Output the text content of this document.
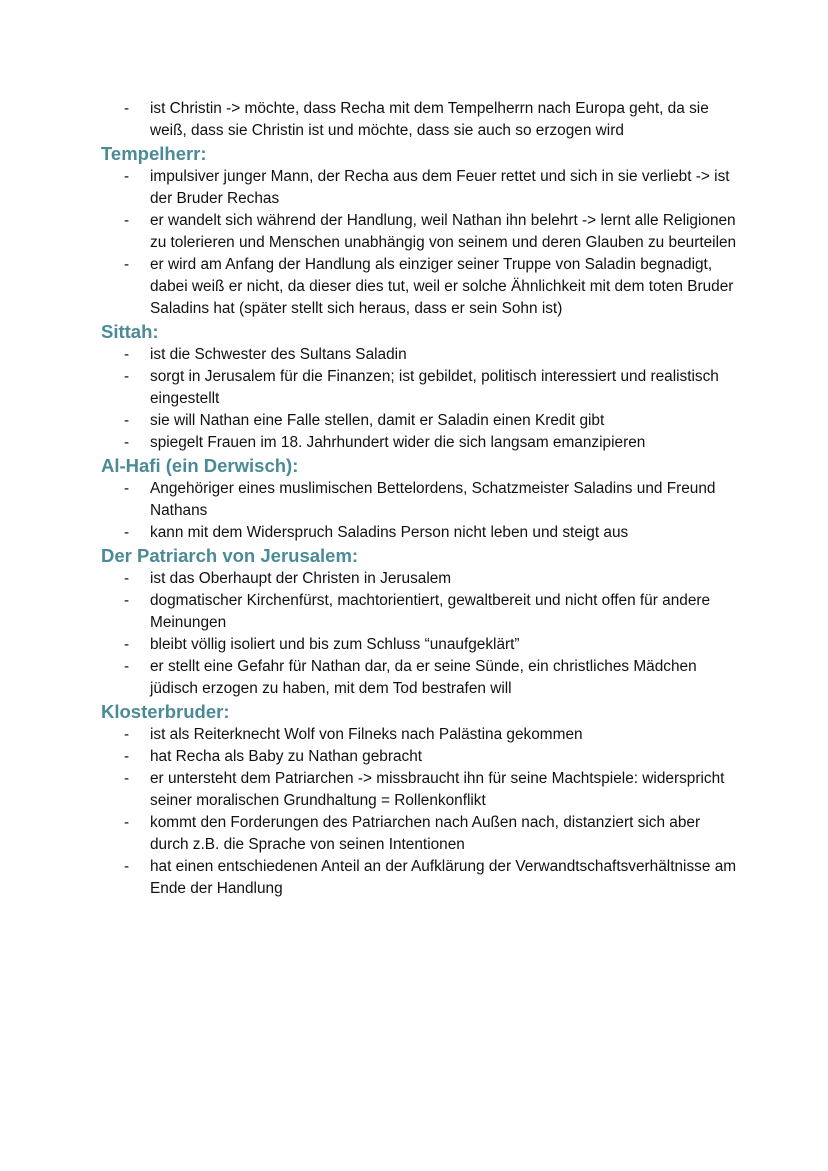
- ist Christin -> möchte, dass Recha mit dem Tempelherrn nach Europa geht, da sie weiß, dass sie Christin ist und möchte, dass sie auch so erzogen wird
Tempelherr:
- impulsiver junger Mann, der Recha aus dem Feuer rettet und sich in sie verliebt -> ist der Bruder Rechas
- er wandelt sich während der Handlung, weil Nathan ihn belehrt -> lernt alle Religionen zu tolerieren und Menschen unabhängig von seinem und deren Glauben zu beurteilen
- er wird am Anfang der Handlung als einziger seiner Truppe von Saladin begnadigt, dabei weiß er nicht, da dieser dies tut, weil er solche Ähnlichkeit mit dem toten Bruder Saladins hat (später stellt sich heraus, dass er sein Sohn ist)
Sittah:
- ist die Schwester des Sultans Saladin
- sorgt in Jerusalem für die Finanzen; ist gebildet, politisch interessiert und realistisch eingestellt
- sie will Nathan eine Falle stellen, damit er Saladin einen Kredit gibt
- spiegelt Frauen im 18. Jahrhundert wider die sich langsam emanzipieren
Al-Hafi (ein Derwisch):
- Angehöriger eines muslimischen Bettelordens, Schatzmeister Saladins und Freund Nathans
- kann mit dem Widerspruch Saladins Person nicht leben und steigt aus
Der Patriarch von Jerusalem:
- ist das Oberhaupt der Christen in Jerusalem
- dogmatischer Kirchenfürst, machtorientiert, gewaltbereit und nicht offen für andere Meinungen
- bleibt völlig isoliert und bis zum Schluss “unaufgeklärt”
- er stellt eine Gefahr für Nathan dar, da er seine Sünde, ein christliches Mädchen jüdisch erzogen zu haben, mit dem Tod bestrafen will
Klosterbruder:
- ist als Reiterknecht Wolf von Filneks nach Palästina gekommen
- hat Recha als Baby zu Nathan gebracht
- er untersteht dem Patriarchen -> missbraucht ihn für seine Machtspiele: widerspricht seiner moralischen Grundhaltung = Rollenkonflikt
- kommt den Forderungen des Patriarchen nach Außen nach, distanziert sich aber durch z.B. die Sprache von seinen Intentionen
- hat einen entschiedenen Anteil an der Aufklärung der Verwandtschaftsverhältnisse am Ende der Handlung
